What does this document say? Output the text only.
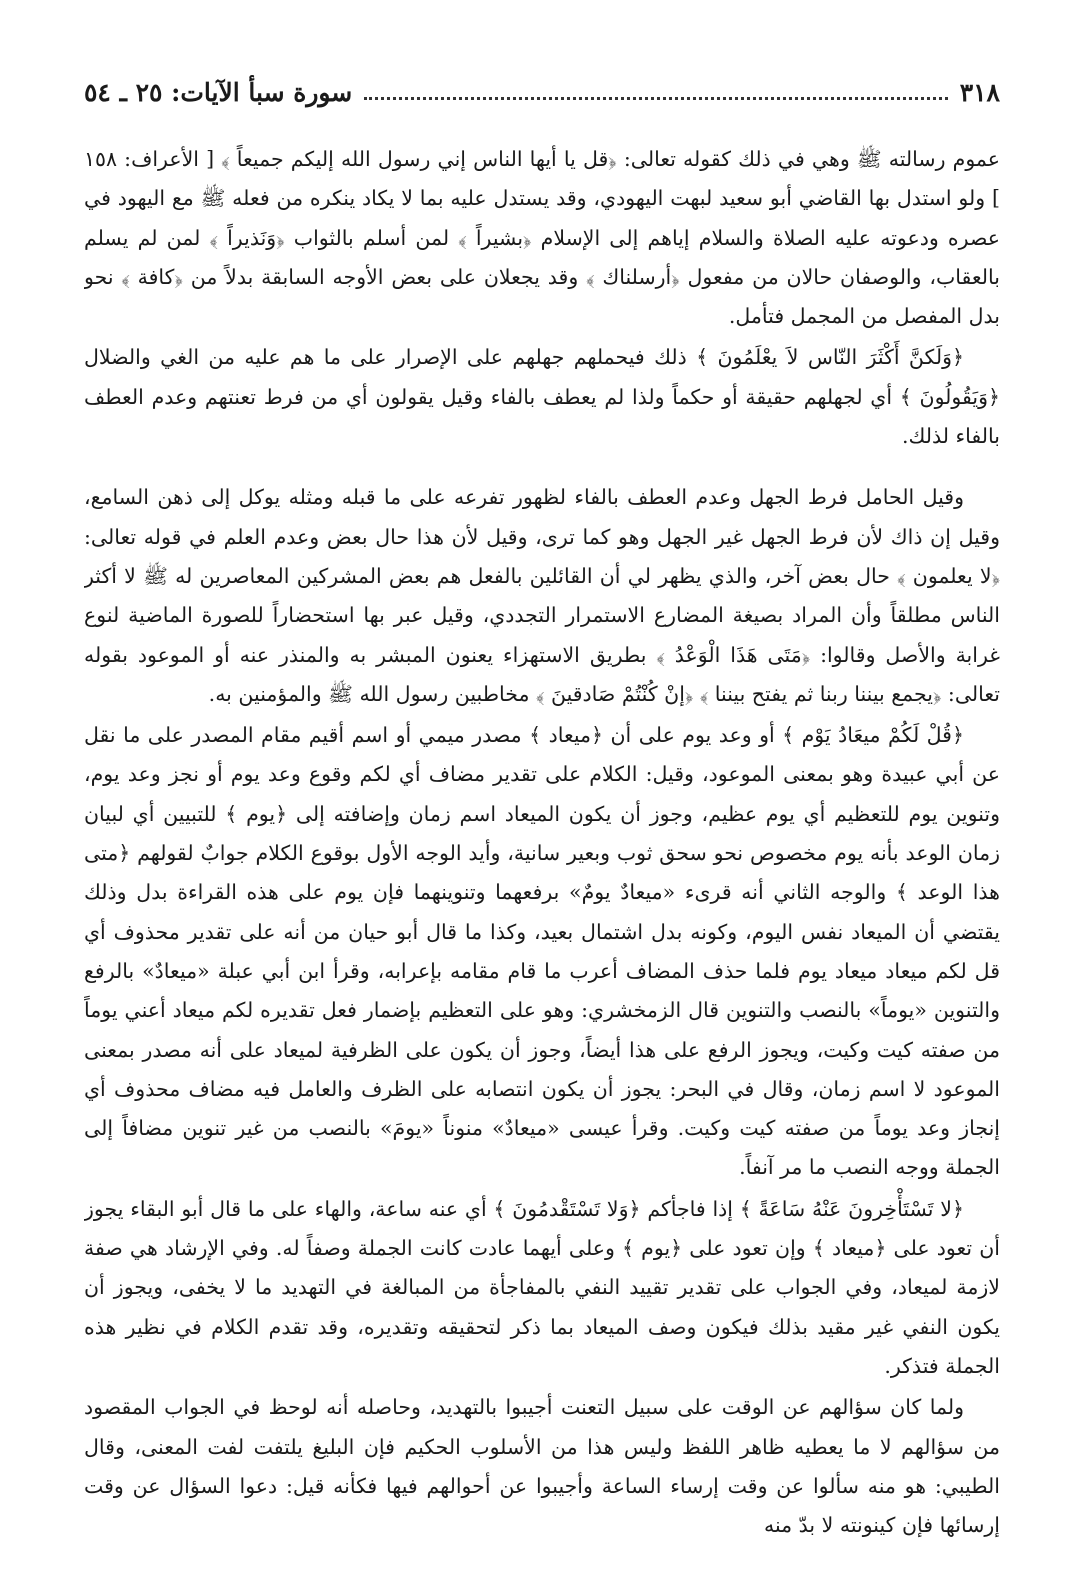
٣١٨
سورة سبأ الآيات: ٢٥ ـ ٥٤

عموم رسالته ﷺ وهي في ذلك كقوله تعالى: ﴿قل يا أيها الناس إني رسول الله إليكم جميعاً ﴾ [ الأعراف: ١٥٨ ] ولو استدل بها القاضي أبو سعيد لبهت اليهودي، وقد يستدل عليه بما لا يكاد ينكره من فعله ﷺ مع اليهود في عصره ودعوته عليه الصلاة والسلام إياهم إلى الإسلام ﴿بشيراً ﴾ لمن أسلم بالثواب ﴿وَنَذيراً ﴾ لمن لم يسلم بالعقاب، والوصفان حالان من مفعول ﴿أرسلناك ﴾ وقد يجعلان على بعض الأوجه السابقة بدلاً من ﴿كافة ﴾ نحو بدل المفصل من المجمل فتأمل.

﴿وَلَكنَّ أَكْثَرَ النّاس لاَ يعْلَمُونَ ﴾ ذلك فيحملهم جهلهم على الإصرار على ما هم عليه من الغي والضلال ﴿وَيَقُولُونَ ﴾ أي لجهلهم حقيقة أو حكماً ولذا لم يعطف بالفاء وقيل يقولون أي من فرط تعنتهم وعدم العطف بالفاء لذلك.

وقيل الحامل فرط الجهل وعدم العطف بالفاء لظهور تفرعه على ما قبله ومثله يوكل إلى ذهن السامع، وقيل إن ذاك لأن فرط الجهل غير الجهل وهو كما ترى، وقيل لأن هذا حال بعض وعدم العلم في قوله تعالى: ﴿لا يعلمون ﴾ حال بعض آخر، والذي يظهر لي أن القائلين بالفعل هم بعض المشركين المعاصرين له ﷺ لا أكثر الناس مطلقاً وأن المراد بصيغة المضارع الاستمرار التجددي، وقيل عبر بها استحضاراً للصورة الماضية لنوع غرابة والأصل وقالوا: ﴿مَتَى هَذَا الْوَعْدُ ﴾ بطريق الاستهزاء يعنون المبشر به والمنذر عنه أو الموعود بقوله تعالى: ﴿يجمع بيننا ربنا ثم يفتح بيننا ﴾ ﴿إنْ كُنْتُمْ صَادقينَ ﴾ مخاطبين رسول الله ﷺ والمؤمنين به.

﴿قُلْ لَكُمْ ميعَادُ يَوْم ﴾ أو وعد يوم على أن ﴿ميعاد ﴾ مصدر ميمي أو اسم أقيم مقام المصدر على ما نقل عن أبي عبيدة وهو بمعنى الموعود، وقيل: الكلام على تقدير مضاف أي لكم وقوع وعد يوم أو نجز وعد يوم، وتنوين يوم للتعظيم أي يوم عظيم، وجوز أن يكون الميعاد اسم زمان وإضافته إلى ﴿يوم ﴾ للتبيين أي لبيان زمان الوعد بأنه يوم مخصوص نحو سحق ثوب وبعير سانية، وأيد الوجه الأول بوقوع الكلام جوابٌ لقولهم ﴿متى هذا الوعد ﴾ والوجه الثاني أنه قرىء «ميعادٌ يومٌ» برفعهما وتنوينهما فإن يوم على هذه القراءة بدل وذلك يقتضي أن الميعاد نفس اليوم، وكونه بدل اشتمال بعيد، وكذا ما قال أبو حيان من أنه على تقدير محذوف أي قل لكم ميعاد ميعاد يوم فلما حذف المضاف أعرب ما قام مقامه بإعرابه، وقرأ ابن أبي عبلة «ميعادٌ» بالرفع والتنوين «يوماً» بالنصب والتنوين قال الزمخشري: وهو على التعظيم بإضمار فعل تقديره لكم ميعاد أعني يوماً من صفته كيت وكيت، ويجوز الرفع على هذا أيضاً، وجوز أن يكون على الظرفية لميعاد على أنه مصدر بمعنى الموعود لا اسم زمان، وقال في البحر: يجوز أن يكون انتصابه على الظرف والعامل فيه مضاف محذوف أي إنجاز وعد يوماً من صفته كيت وكيت. وقرأ عيسى «ميعادٌ» منوناً «يومَ» بالنصب من غير تنوين مضافاً إلى الجملة ووجه النصب ما مر آنفاً.

﴿لا تَسْتَأْخِرونَ عَنْهُ سَاعَةً ﴾ إذا فاجأكم ﴿وَلا تَسْتَقْدمُونَ ﴾ أي عنه ساعة، والهاء على ما قال أبو البقاء يجوز أن تعود على ﴿ميعاد ﴾ وإن تعود على ﴿يوم ﴾ وعلى أيهما عادت كانت الجملة وصفاً له. وفي الإرشاد هي صفة لازمة لميعاد، وفي الجواب على تقدير تقييد النفي بالمفاجأة من المبالغة في التهديد ما لا يخفى، ويجوز أن يكون النفي غير مقيد بذلك فيكون وصف الميعاد بما ذكر لتحقيقه وتقديره، وقد تقدم الكلام في نظير هذه الجملة فتذكر.

ولما كان سؤالهم عن الوقت على سبيل التعنت أجيبوا بالتهديد، وحاصله أنه لوحظ في الجواب المقصود من سؤالهم لا ما يعطيه ظاهر اللفظ وليس هذا من الأسلوب الحكيم فإن البليغ يلتفت لفت المعنى، وقال الطيبي: هو منه سألوا عن وقت إرساء الساعة وأجيبوا عن أحوالهم فيها فكأنه قيل: دعوا السؤال عن وقت إرسائها فإن كينونته لا بدّ منه
